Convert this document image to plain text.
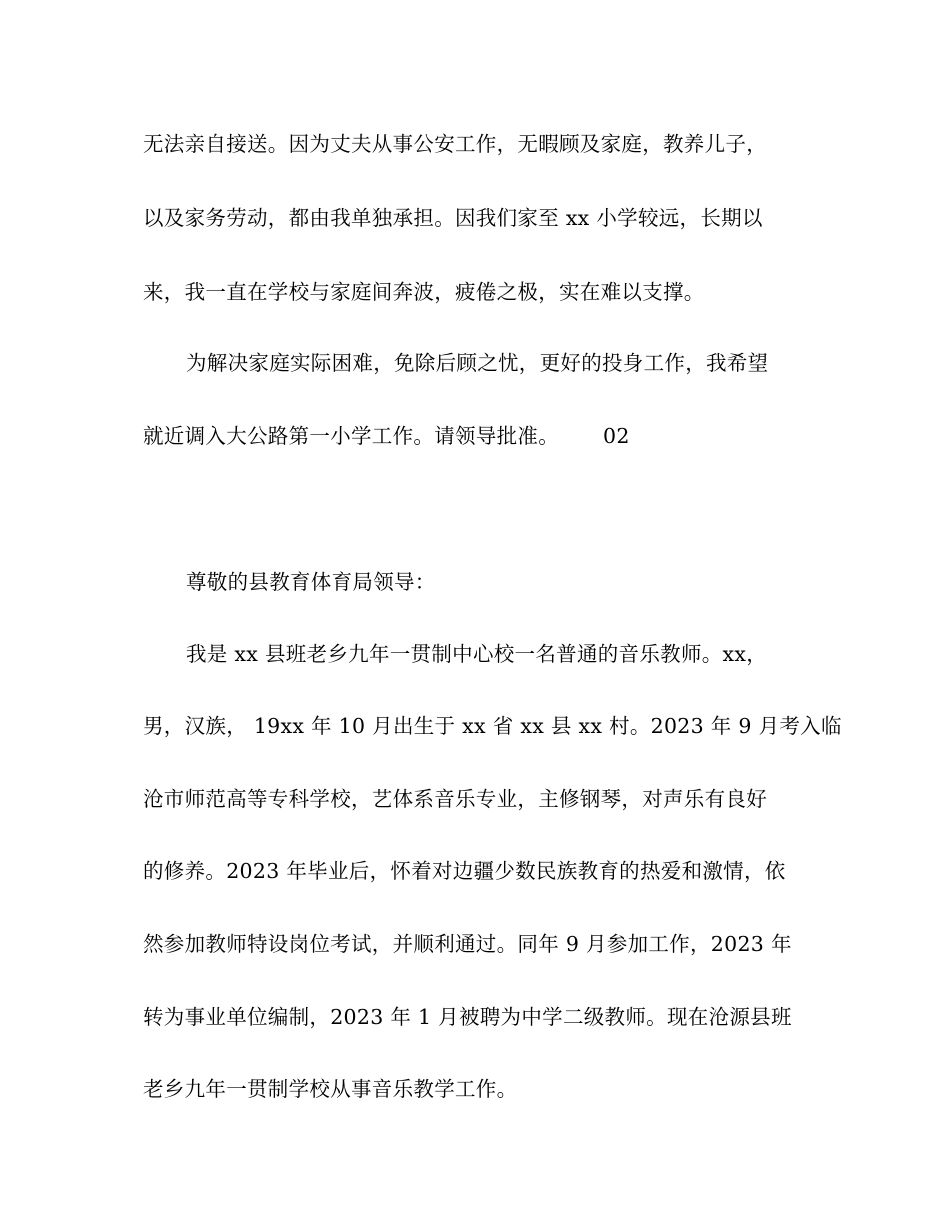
无法亲自接送。因为丈夫从事公安工作，无暇顾及家庭，教养儿子，
以及家务劳动，都由我单独承担。因我们家至 xx 小学较远，长期以
来，我一直在学校与家庭间奔波，疲倦之极，实在难以支撑。
为解决家庭实际困难，免除后顾之忧，更好的投身工作，我希望
就近调入大公路第一小学工作。请领导批准。 02
尊敬的县教育体育局领导：
我是 xx 县班老乡九年一贯制中心校一名普通的音乐教师。xx，
男，汉族， 19xx 年 10 月出生于 xx 省 xx 县 xx 村。2023 年 9 月考入临
沧市师范高等专科学校，艺体系音乐专业，主修钢琴，对声乐有良好
的修养。2023 年毕业后，怀着对边疆少数民族教育的热爱和激情，依
然参加教师特设岗位考试，并顺利通过。同年 9 月参加工作，2023 年
转为事业单位编制，2023 年 1 月被聘为中学二级教师。现在沧源县班
老乡九年一贯制学校从事音乐教学工作。
